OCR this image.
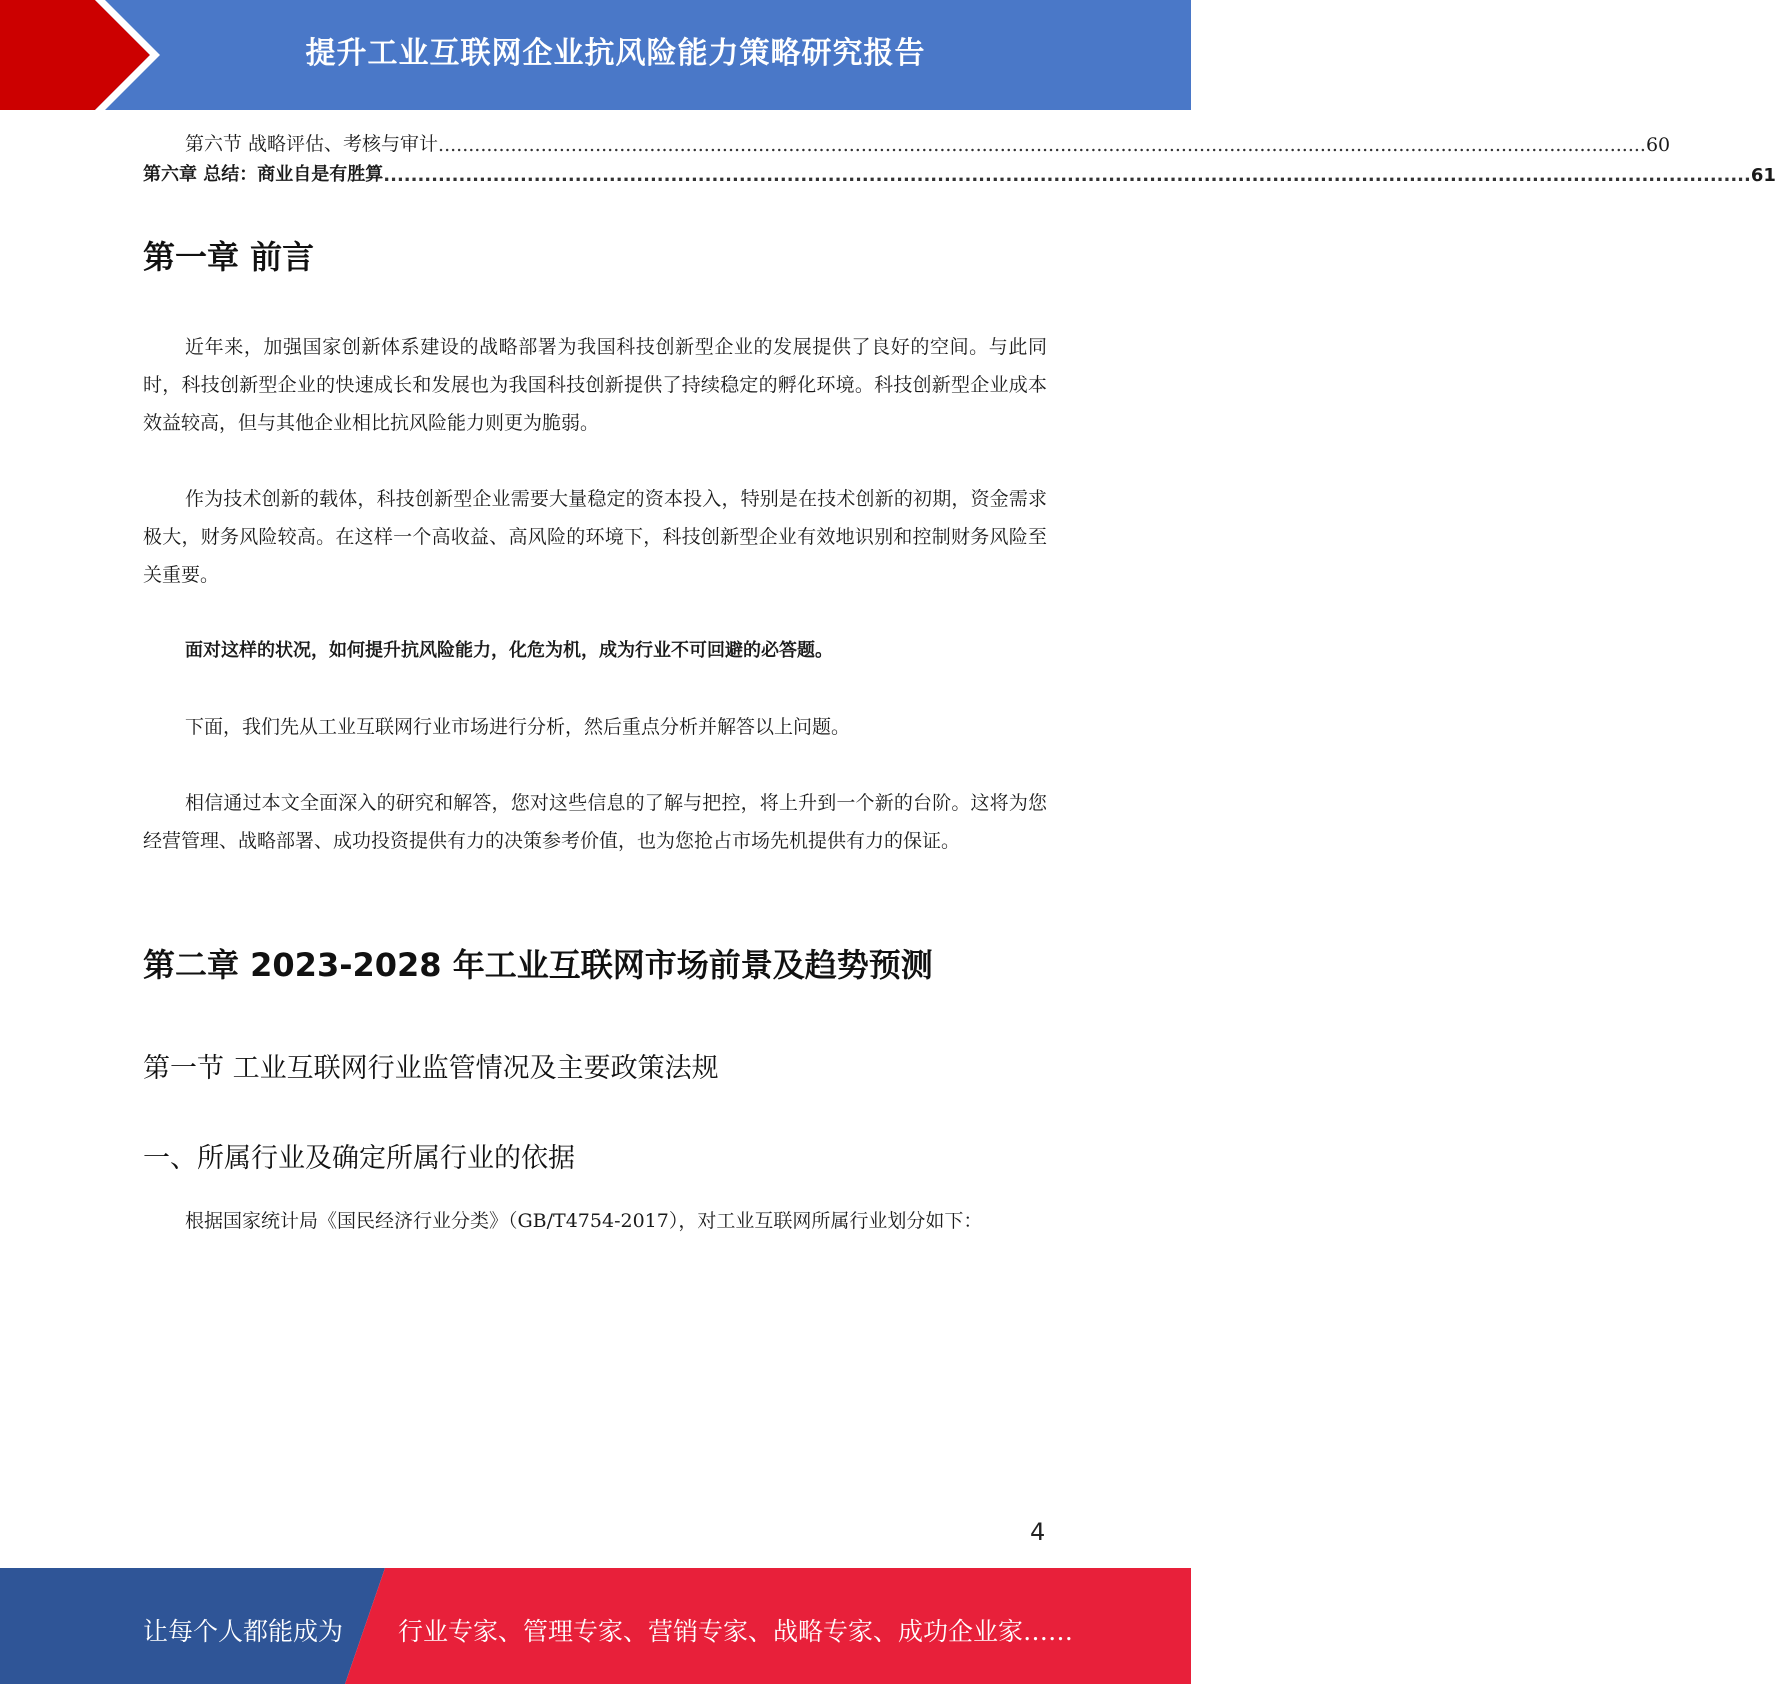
提升工业互联网企业抗风险能力策略研究报告
第六节 战略评估、考核与审计 ........................................................................................................................................................................................................ 60
第六章 总结：商业自是有胜算 ........................................................................................................................................................................................................ 61
第一章 前言
近年来，加强国家创新体系建设的战略部署为我国科技创新型企业的发展提供了良好的空间。与此同时，科技创新型企业的快速成长和发展也为我国科技创新提供了持续稳定的孵化环境。科技创新型企业成本效益较高，但与其他企业相比抗风险能力则更为脆弱。
作为技术创新的载体，科技创新型企业需要大量稳定的资本投入，特别是在技术创新的初期，资金需求极大，财务风险较高。在这样一个高收益、高风险的环境下，科技创新型企业有效地识别和控制财务风险至关重要。
面对这样的状况，如何提升抗风险能力，化危为机，成为行业不可回避的必答题。
下面，我们先从工业互联网行业市场进行分析，然后重点分析并解答以上问题。
相信通过本文全面深入的研究和解答，您对这些信息的了解与把控，将上升到一个新的台阶。这将为您经营管理、战略部署、成功投资提供有力的决策参考价值，也为您抢占市场先机提供有力的保证。
第二章 2023-2028 年工业互联网市场前景及趋势预测
第一节 工业互联网行业监管情况及主要政策法规
一、所属行业及确定所属行业的依据
根据国家统计局《国民经济行业分类》（GB/T4754-2017），对工业互联网所属行业划分如下：
4
让每个人都能成为 行业专家、管理专家、营销专家、战略专家、成功企业家……
